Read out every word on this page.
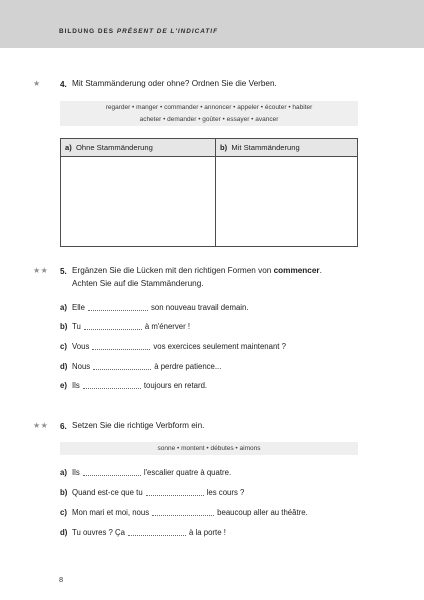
BILDUNG DES PRÉSENT DE L'INDICATIF
★ 4. Mit Stammänderung oder ohne? Ordnen Sie die Verben.
regarder • manger • commander • annoncer • appeler • écouter • habiter
acheter • demander • goûter • essayer • avancer
a) Ohne Stammänderung	b) Mit Stammänderung

★★ 5. Ergänzen Sie die Lücken mit den richtigen Formen von commencer.
Achten Sie auf die Stammänderung.
a) Elle	son nouveau travail demain.
b) Tu	à m'énerver !
c) Vous	vos exercices seulement maintenant ?
d) Nous	à perdre patience...
e) Ils	toujours en retard.
★★ 6. Setzen Sie die richtige Verbform ein.
sonne • montent • débutes • aimons
a) Ils	l'escalier quatre à quatre.
b) Quand est-ce que tu	les cours ?
c) Mon mari et moi, nous	beaucoup aller au théâtre.
d) Tu ouvres ? Ça	à la porte !
8
